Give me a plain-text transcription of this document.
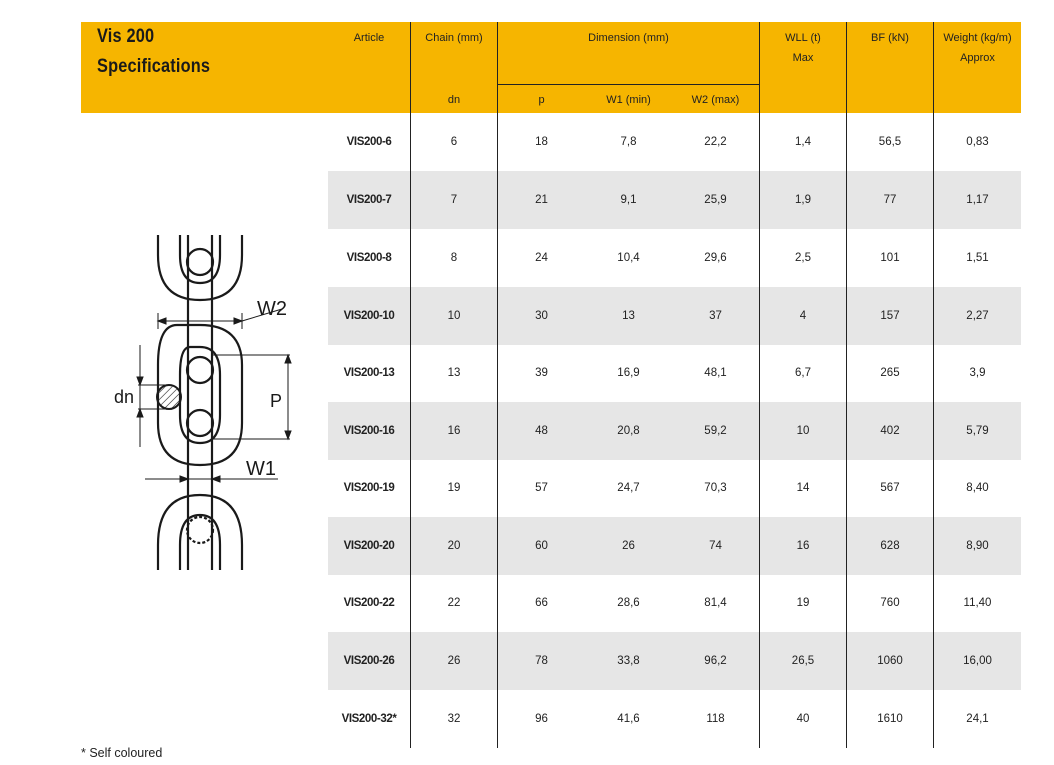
Vis 200
Specifications
Article	Chain (mm)
dn
Dimension (mm)
p	W1 (min)	W2 (max)
WLL (t)
Max
BF (kN)	Weight (kg/m)
Approx
VIS200-6	6	18	7,8	22,2	1,4	56,5	0,83
VIS200-7	7	21	9,1	25,9	1,9	77	1,17
VIS200-8	8	24	10,4	29,6	2,5	101	1,51
VIS200-10	10	30	13	37	4	157	2,27
VIS200-13	13	39	16,9	48,1	6,7	265	3,9
VIS200-16	16	48	20,8	59,2	10	402	5,79
VIS200-19	19	57	24,7	70,3	14	567	8,40
VIS200-20	20	60	26	74	16	628	8,90
VIS200-22	22	66	28,6	81,4	19	760	11,40
VIS200-26	26	78	33,8	96,2	26,5	1060	16,00
VIS200-32*	32	96	41,6	118	40	1610	24,1
W2
dn	P
W1
* Self coloured
